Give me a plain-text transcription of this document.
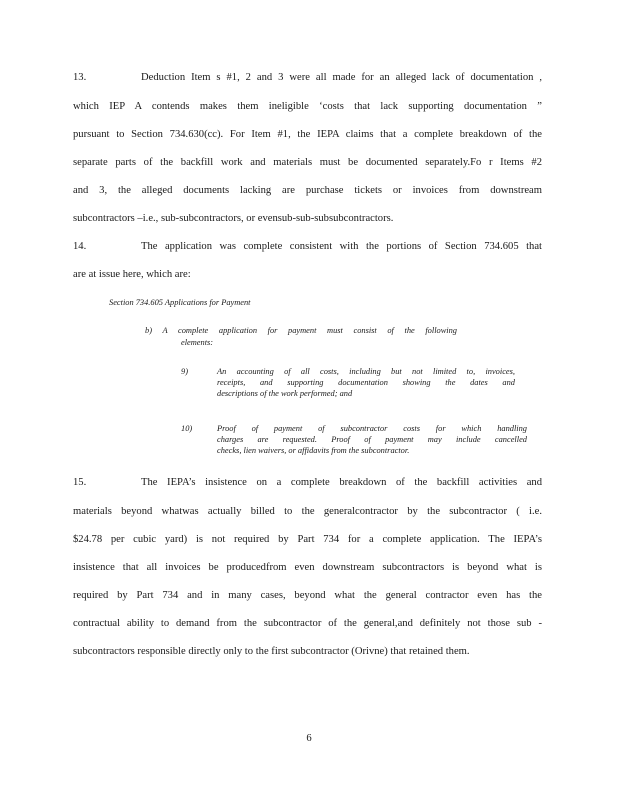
13.	Deduction Item s #1, 2 and 3 were all made for an alleged lack of documentation ,
which IEP A contends makes them ineligible ‘costs that lack supporting documentation ”
pursuant to Section 734.630(cc). For Item #1, the IEPA claims that a complete breakdown of the
separate parts of the backfill work and materials must be documented separately.Fo r Items #2
and 3, the alleged documents lacking are purchase tickets or invoices from downstream
subcontractors –i.e., sub-subcontractors, or evensub-sub-subsubcontractors.
14.	The application was complete consistent with the portions of Section 734.605 that
are at issue here, which are:
Section 734.605 Applications for Payment
b) A complete application for payment must consist of the following
elements:
9)	An accounting of all costs, including but not limited to, invoices,
receipts, and supporting documentation showing the dates and
descriptions of the work performed; and
10)	Proof of payment of subcontractor costs for which handling
charges are requested. Proof of payment may include cancelled
checks, lien waivers, or affidavits from the subcontractor.
15.	The IEPA’s insistence on a complete breakdown of the backfill activities and
materials beyond whatwas actually billed to the generalcontractor by the subcontractor ( i.e.
$24.78 per cubic yard) is not required by Part 734 for a complete application. The IEPA’s
insistence that all invoices be producedfrom even downstream subcontractors is beyond what is
required by Part 734 and in many cases, beyond what the general contractor even has the
contractual ability to demand from the subcontractor of the general,and definitely not those sub -
subcontractors responsible directly only to the first subcontractor (Orivne) that retained them.
6
